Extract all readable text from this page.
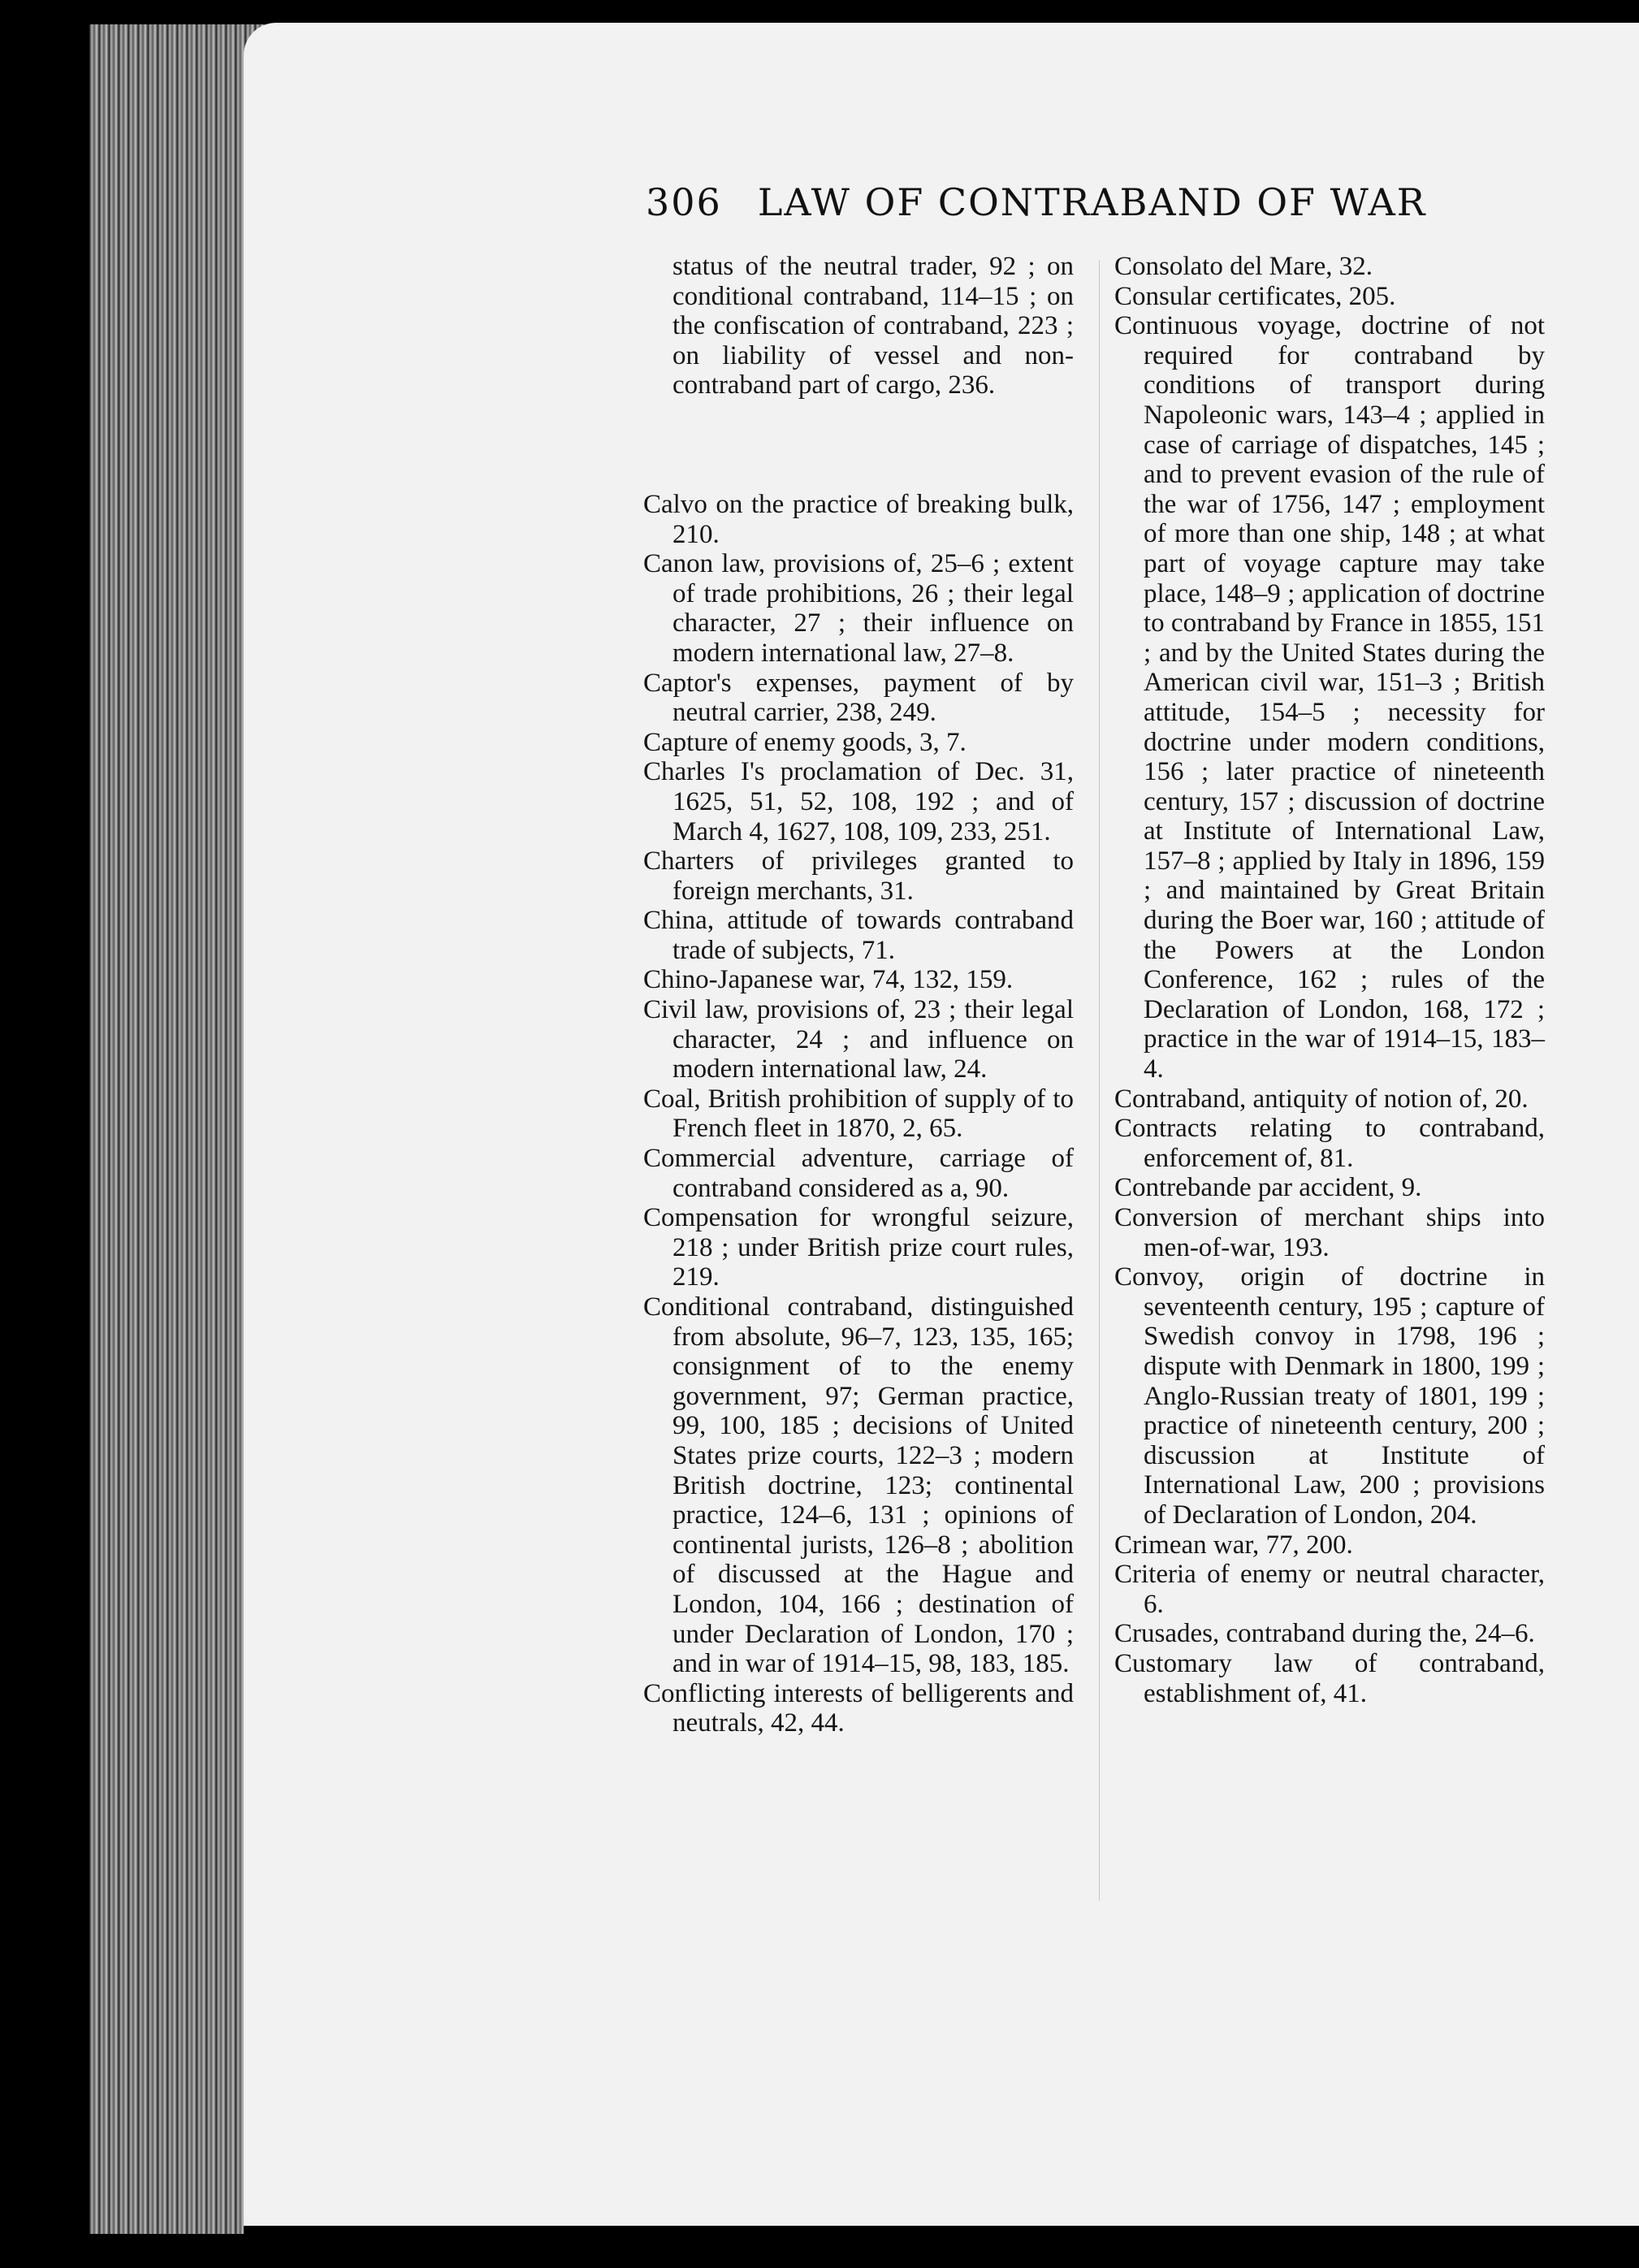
306 LAW OF CONTRABAND OF WAR

status of the neutral trader, 92 ; on conditional contraband, 114–15 ; on the confiscation of contraband, 223 ; on liability of vessel and non-contraband part of cargo, 236.

Calvo on the practice of breaking bulk, 210.

Canon law, provisions of, 25–6 ; extent of trade prohibitions, 26 ; their legal character, 27 ; their influence on modern international law, 27–8.

Captor's expenses, payment of by neutral carrier, 238, 249.

Capture of enemy goods, 3, 7.

Charles I's proclamation of Dec. 31, 1625, 51, 52, 108, 192 ; and of March 4, 1627, 108, 109, 233, 251.

Charters of privileges granted to foreign merchants, 31.

China, attitude of towards contraband trade of subjects, 71.

Chino-Japanese war, 74, 132, 159.

Civil law, provisions of, 23 ; their legal character, 24 ; and influence on modern international law, 24.

Coal, British prohibition of supply of to French fleet in 1870, 2, 65.

Commercial adventure, carriage of contraband considered as a, 90.

Compensation for wrongful seizure, 218 ; under British prize court rules, 219.

Conditional contraband, distinguished from absolute, 96–7, 123, 135, 165; consignment of to the enemy government, 97; German practice, 99, 100, 185 ; decisions of United States prize courts, 122–3 ; modern British doctrine, 123; continental practice, 124–6, 131 ; opinions of continental jurists, 126–8 ; abolition of discussed at the Hague and London, 104, 166 ; destination of under Declaration of London, 170 ; and in war of 1914–15, 98, 183, 185.

Conflicting interests of belligerents and neutrals, 42, 44.

Consolato del Mare, 32.

Consular certificates, 205.

Continuous voyage, doctrine of not required for contraband by conditions of transport during Napoleonic wars, 143–4 ; applied in case of carriage of dispatches, 145 ; and to prevent evasion of the rule of the war of 1756, 147 ; employment of more than one ship, 148 ; at what part of voyage capture may take place, 148–9 ; application of doctrine to contraband by France in 1855, 151 ; and by the United States during the American civil war, 151–3 ; British attitude, 154–5 ; necessity for doctrine under modern conditions, 156 ; later practice of nineteenth century, 157 ; discussion of doctrine at Institute of International Law, 157–8 ; applied by Italy in 1896, 159 ; and maintained by Great Britain during the Boer war, 160 ; attitude of the Powers at the London Conference, 162 ; rules of the Declaration of London, 168, 172 ; practice in the war of 1914–15, 183–4.

Contraband, antiquity of notion of, 20.

Contracts relating to contraband, enforcement of, 81.

Contrebande par accident, 9.

Conversion of merchant ships into men-of-war, 193.

Convoy, origin of doctrine in seventeenth century, 195 ; capture of Swedish convoy in 1798, 196 ; dispute with Denmark in 1800, 199 ; Anglo-Russian treaty of 1801, 199 ; practice of nineteenth century, 200 ; discussion at Institute of International Law, 200 ; provisions of Declaration of London, 204.

Crimean war, 77, 200.

Criteria of enemy or neutral character, 6.

Crusades, contraband during the, 24–6.

Customary law of contraband, establishment of, 41.
